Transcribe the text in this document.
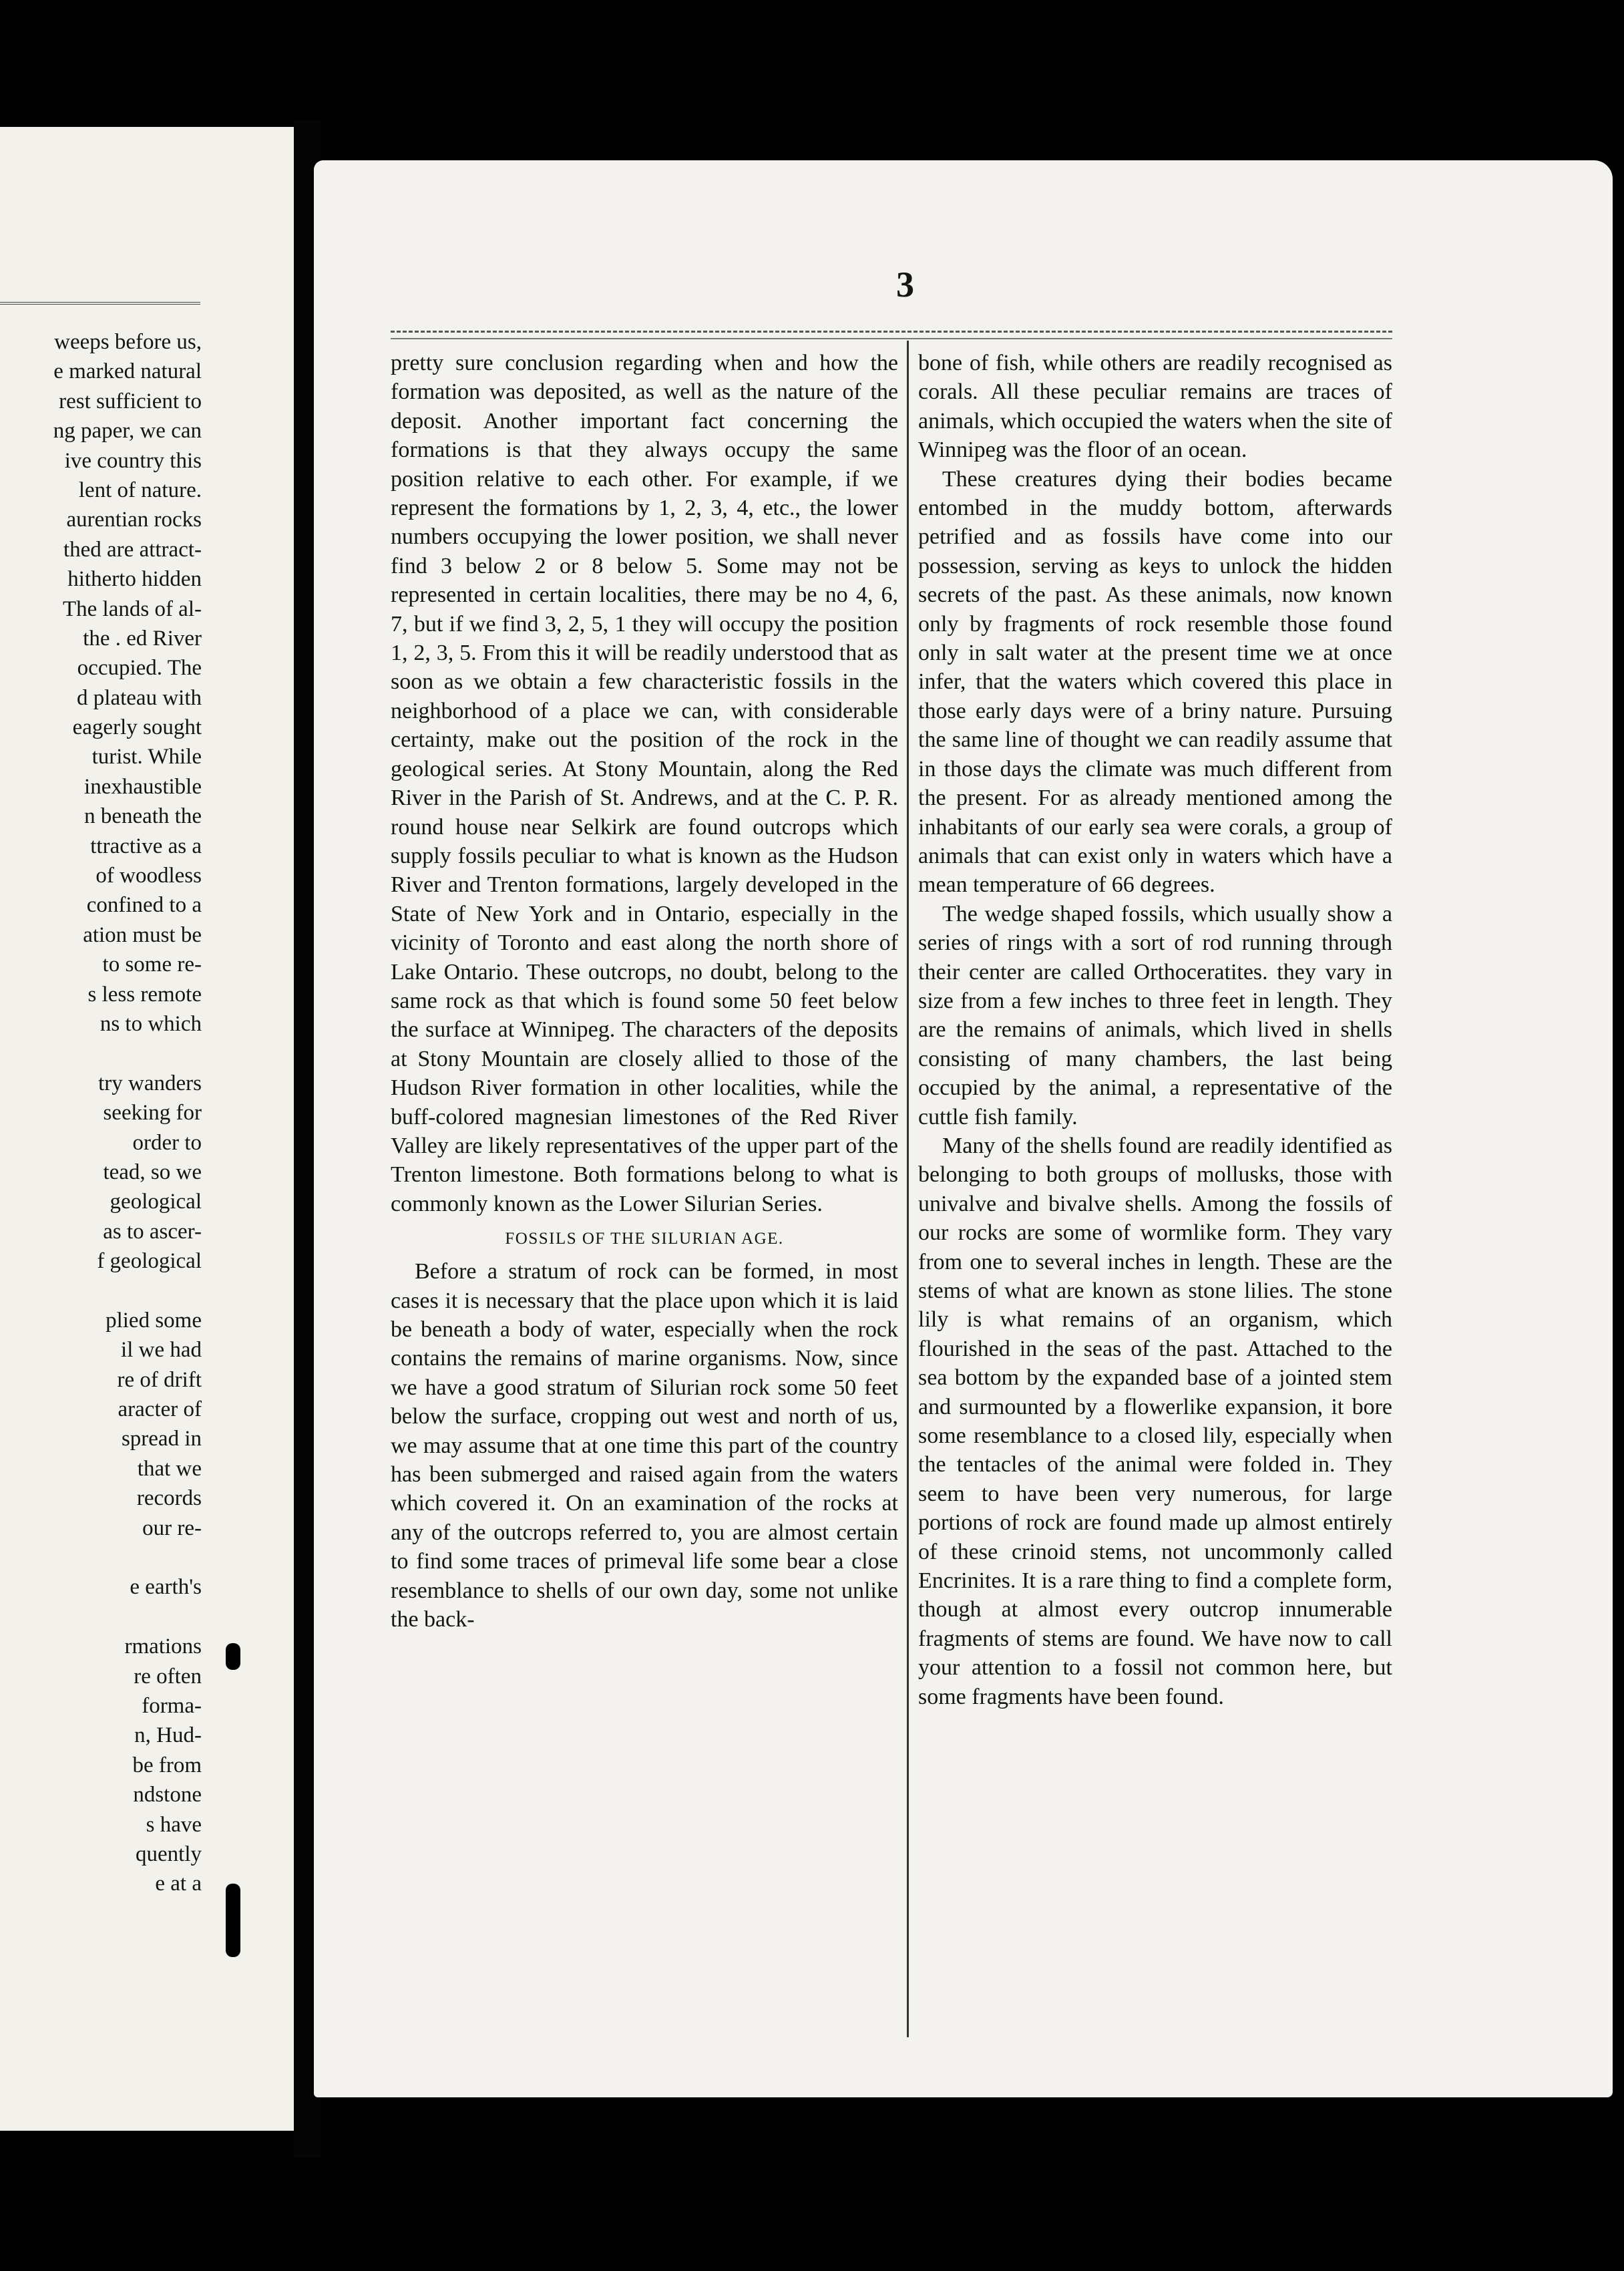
weeps before us,
e marked natural
rest sufficient to
ng paper, we can
ive country this
lent of nature.
aurentian rocks
thed are attract-
hitherto hidden
The lands of al-
the . ed River
occupied. The
d plateau with
eagerly sought
turist. While
inexhaustible
n beneath the
ttractive as a
of woodless
confined to a
ation must be
to some re-
s less remote
ns to which
try wanders
seeking for
order to
tead, so we
geological
as to ascer-
f geological
plied some
il we had
re of drift
aracter of
spread in
that we
records
our re-
e earth's
rmations
re often
forma-
n, Hud-
be from
ndstone
s have
quently
e at a
3

pretty sure conclusion regarding when and how the formation was deposited, as well as the nature of the deposit. Another important fact concerning the formations is that they always occupy the same position relative to each other. For example, if we represent the formations by 1, 2, 3, 4, etc., the lower numbers occupying the lower position, we shall never find 3 below 2 or 8 below 5. Some may not be represented in certain localities, there may be no 4, 6, 7, but if we find 3, 2, 5, 1 they will occupy the position 1, 2, 3, 5. From this it will be readily understood that as soon as we obtain a few characteristic fossils in the neighborhood of a place we can, with considerable certainty, make out the position of the rock in the geological series. At Stony Mountain, along the Red River in the Parish of St. Andrews, and at the C. P. R. round house near Selkirk are found outcrops which supply fossils peculiar to what is known as the Hudson River and Trenton formations, largely developed in the State of New York and in Ontario, especially in the vicinity of Toronto and east along the north shore of Lake Ontario. These outcrops, no doubt, belong to the same rock as that which is found some 50 feet below the surface at Winnipeg. The characters of the deposits at Stony Mountain are closely allied to those of the Hudson River formation in other localities, while the buff-colored magnesian limestones of the Red River Valley are likely representatives of the upper part of the Trenton limestone. Both formations belong to what is commonly known as the Lower Silurian Series.

FOSSILS OF THE SILURIAN AGE.

Before a stratum of rock can be formed, in most cases it is necessary that the place upon which it is laid be beneath a body of water, especially when the rock contains the remains of marine organisms. Now, since we have a good stratum of Silurian rock some 50 feet below the surface, cropping out west and north of us, we may assume that at one time this part of the country has been submerged and raised again from the waters which covered it. On an examination of the rocks at any of the outcrops referred to, you are almost certain to find some traces of primeval life some bear a close resemblance to shells of our own day, some not unlike the back-

bone of fish, while others are readily recognised as corals. All these peculiar remains are traces of animals, which occupied the waters when the site of Winnipeg was the floor of an ocean.

These creatures dying their bodies became entombed in the muddy bottom, afterwards petrified and as fossils have come into our possession, serving as keys to unlock the hidden secrets of the past. As these animals, now known only by fragments of rock resemble those found only in salt water at the present time we at once infer, that the waters which covered this place in those early days were of a briny nature. Pursuing the same line of thought we can readily assume that in those days the climate was much different from the present. For as already mentioned among the inhabitants of our early sea were corals, a group of animals that can exist only in waters which have a mean temperature of 66 degrees.

The wedge shaped fossils, which usually show a series of rings with a sort of rod running through their center are called Orthoceratites. they vary in size from a few inches to three feet in length. They are the remains of animals, which lived in shells consisting of many chambers, the last being occupied by the animal, a representative of the cuttle fish family.

Many of the shells found are readily identified as belonging to both groups of mollusks, those with univalve and bivalve shells. Among the fossils of our rocks are some of wormlike form. They vary from one to several inches in length. These are the stems of what are known as stone lilies. The stone lily is what remains of an organism, which flourished in the seas of the past. Attached to the sea bottom by the expanded base of a jointed stem and surmounted by a flowerlike expansion, it bore some resemblance to a closed lily, especially when the tentacles of the animal were folded in. They seem to have been very numerous, for large portions of rock are found made up almost entirely of these crinoid stems, not uncommonly called Encrinites. It is a rare thing to find a complete form, though at almost every outcrop innumerable fragments of stems are found. We have now to call your attention to a fossil not common here, but some fragments have been found.
